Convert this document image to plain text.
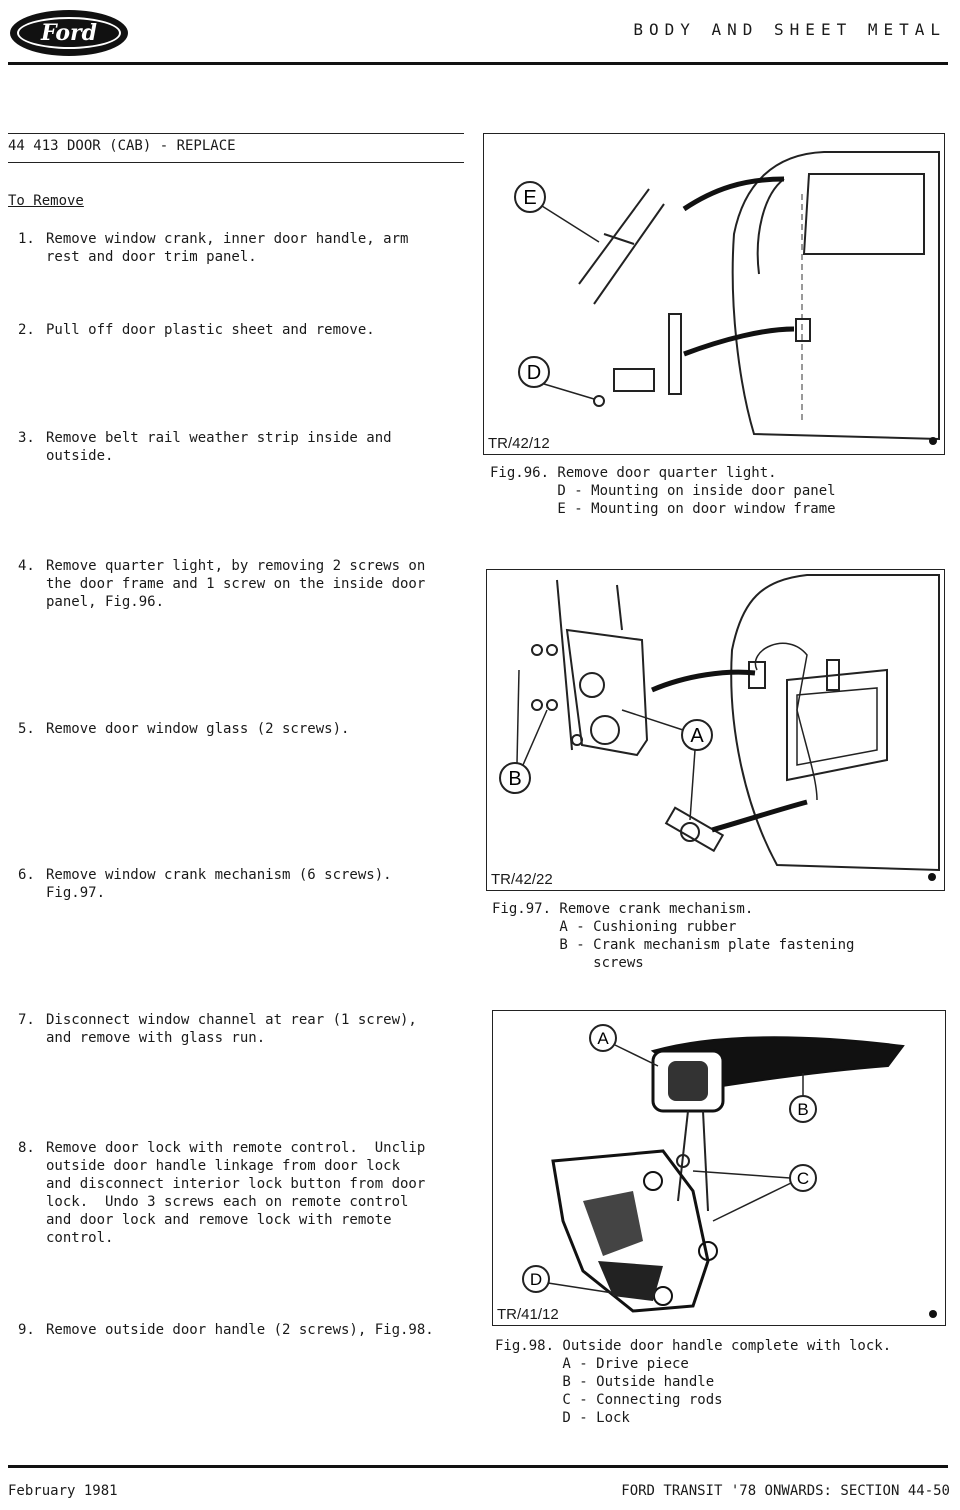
Ford	BODY AND SHEET METAL
44 413 DOOR (CAB) - REPLACE
To Remove
1. Remove window crank, inner door handle, arm
rest and door trim panel.
2. Pull off door plastic sheet and remove.
3. Remove belt rail weather strip inside and
outside.
4. Remove quarter light, by removing 2 screws on
the door frame and 1 screw on the inside door
panel, Fig.96.
5. Remove door window glass (2 screws).
6. Remove window crank mechanism (6 screws).
Fig.97.
7. Disconnect window channel at rear (1 screw),
and remove with glass run.
8. Remove door lock with remote control.  Unclip
outside door handle linkage from door lock
and disconnect interior lock button from door
lock.  Undo 3 screws each on remote control
and door lock and remove lock with remote
control.
9. Remove outside door handle (2 screws), Fig.98.
E
D
TR/42/12
Fig.96. Remove door quarter light.
D - Mounting on inside door panel
E - Mounting on door window frame
A
B
TR/42/22
Fig.97. Remove crank mechanism.
A - Cushioning rubber
B - Crank mechanism plate fastening
screws
A
B
C
D
TR/41/12
Fig.98. Outside door handle complete with lock.
A - Drive piece
B - Outside handle
C - Connecting rods
D - Lock
February 1981	FORD TRANSIT '78 ONWARDS: SECTION 44-50
